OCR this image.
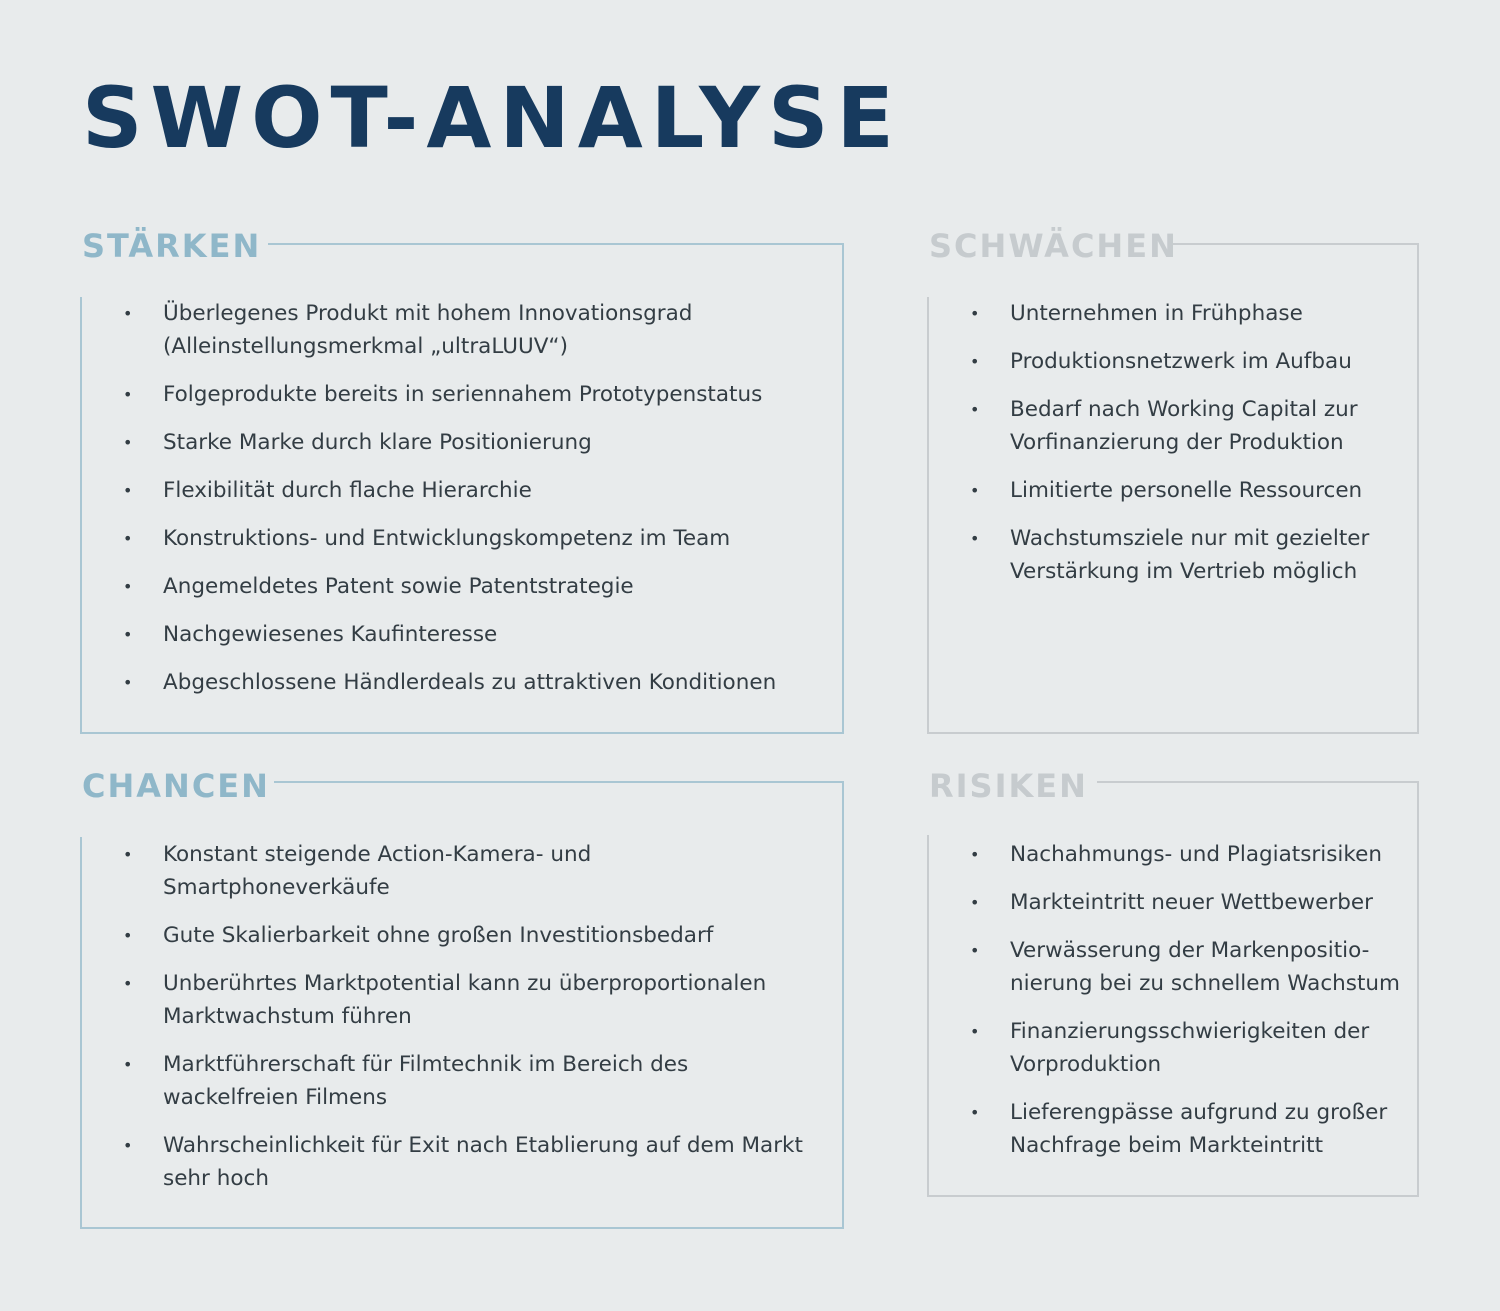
SWOT-ANALYSE
STÄRKEN
• Überlegenes Produkt mit hohem Innovationsgrad (Alleinstellungsmerkmal „ultraLUUV“)
• Folgeprodukte bereits in seriennahem Prototypenstatus
• Starke Marke durch klare Positionierung
• Flexibilität durch flache Hierarchie
• Konstruktions- und Entwicklungskompetenz im Team
• Angemeldetes Patent sowie Patentstrategie
• Nachgewiesenes Kaufinteresse
• Abgeschlossene Händlerdeals zu attraktiven Konditionen
SCHWÄCHEN
• Unternehmen in Frühphase
• Produktionsnetzwerk im Aufbau
• Bedarf nach Working Capital zur Vorfinanzierung der Produktion
• Limitierte personelle Ressourcen
• Wachstumsziele nur mit gezielter Verstärkung im Vertrieb möglich
CHANCEN
• Konstant steigende Action-Kamera- und Smartphoneverkäufe
• Gute Skalierbarkeit ohne großen Investitionsbedarf
• Unberührtes Marktpotential kann zu überproportionalen Marktwachstum führen
• Marktführerschaft für Filmtechnik im Bereich des wackelfreien Filmens
• Wahrscheinlichkeit für Exit nach Etablierung auf dem Markt sehr hoch
RISIKEN
• Nachahmungs- und Plagiatsrisiken
• Markteintritt neuer Wettbewerber
• Verwässerung der Markenpositio-nierung bei zu schnellem Wachstum
• Finanzierungsschwierigkeiten der Vorproduktion
• Lieferengpässe aufgrund zu großer Nachfrage beim Markteintritt
